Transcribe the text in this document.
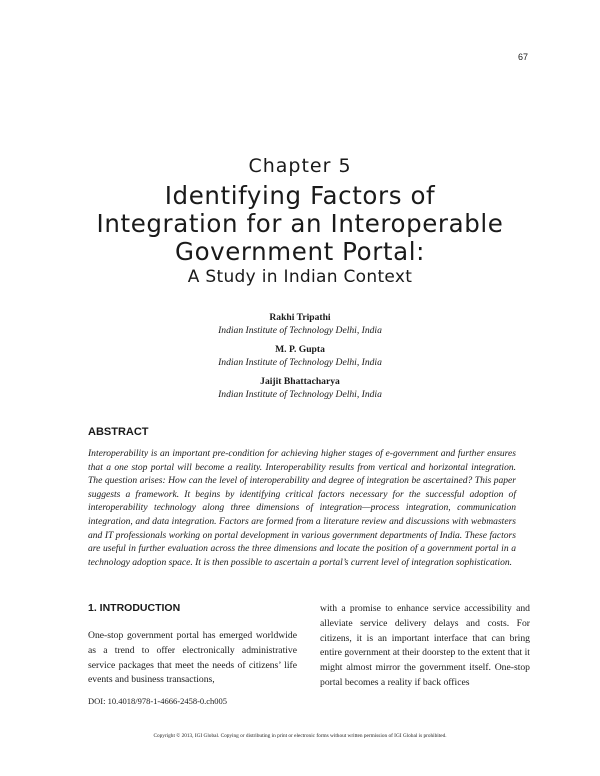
67
Chapter 5
Identifying Factors of
Integration for an Interoperable
Government Portal:
A Study in Indian Context
Rakhi Tripathi
Indian Institute of Technology Delhi, India
M. P. Gupta
Indian Institute of Technology Delhi, India
Jaijit Bhattacharya
Indian Institute of Technology Delhi, India
ABSTRACT
Interoperability is an important pre-condition for achieving higher stages of e-government and further ensures that a one stop portal will become a reality. Interoperability results from vertical and horizontal integration. The question arises: How can the level of interoperability and degree of integration be ascertained? This paper suggests a framework. It begins by identifying critical factors necessary for the successful adoption of interoperability technology along three dimensions of integration—process integration, communication integration, and data integration. Factors are formed from a literature review and discussions with webmasters and IT professionals working on portal development in various government departments of India. These factors are useful in further evaluation across the three dimensions and locate the position of a government portal in a technology adoption space. It is then possible to ascertain a portal’s current level of integration sophistication.
1. INTRODUCTION
One-stop government portal has emerged worldwide as a trend to offer electronically administrative service packages that meet the needs of citizens’ life events and business transactions,
with a promise to enhance service accessibility and alleviate service delivery delays and costs. For citizens, it is an important interface that can bring entire government at their doorstep to the extent that it might almost mirror the government itself. One-stop portal becomes a reality if back offices
DOI: 10.4018/978-1-4666-2458-0.ch005
Copyright © 2013, IGI Global. Copying or distributing in print or electronic forms without written permission of IGI Global is prohibited.
